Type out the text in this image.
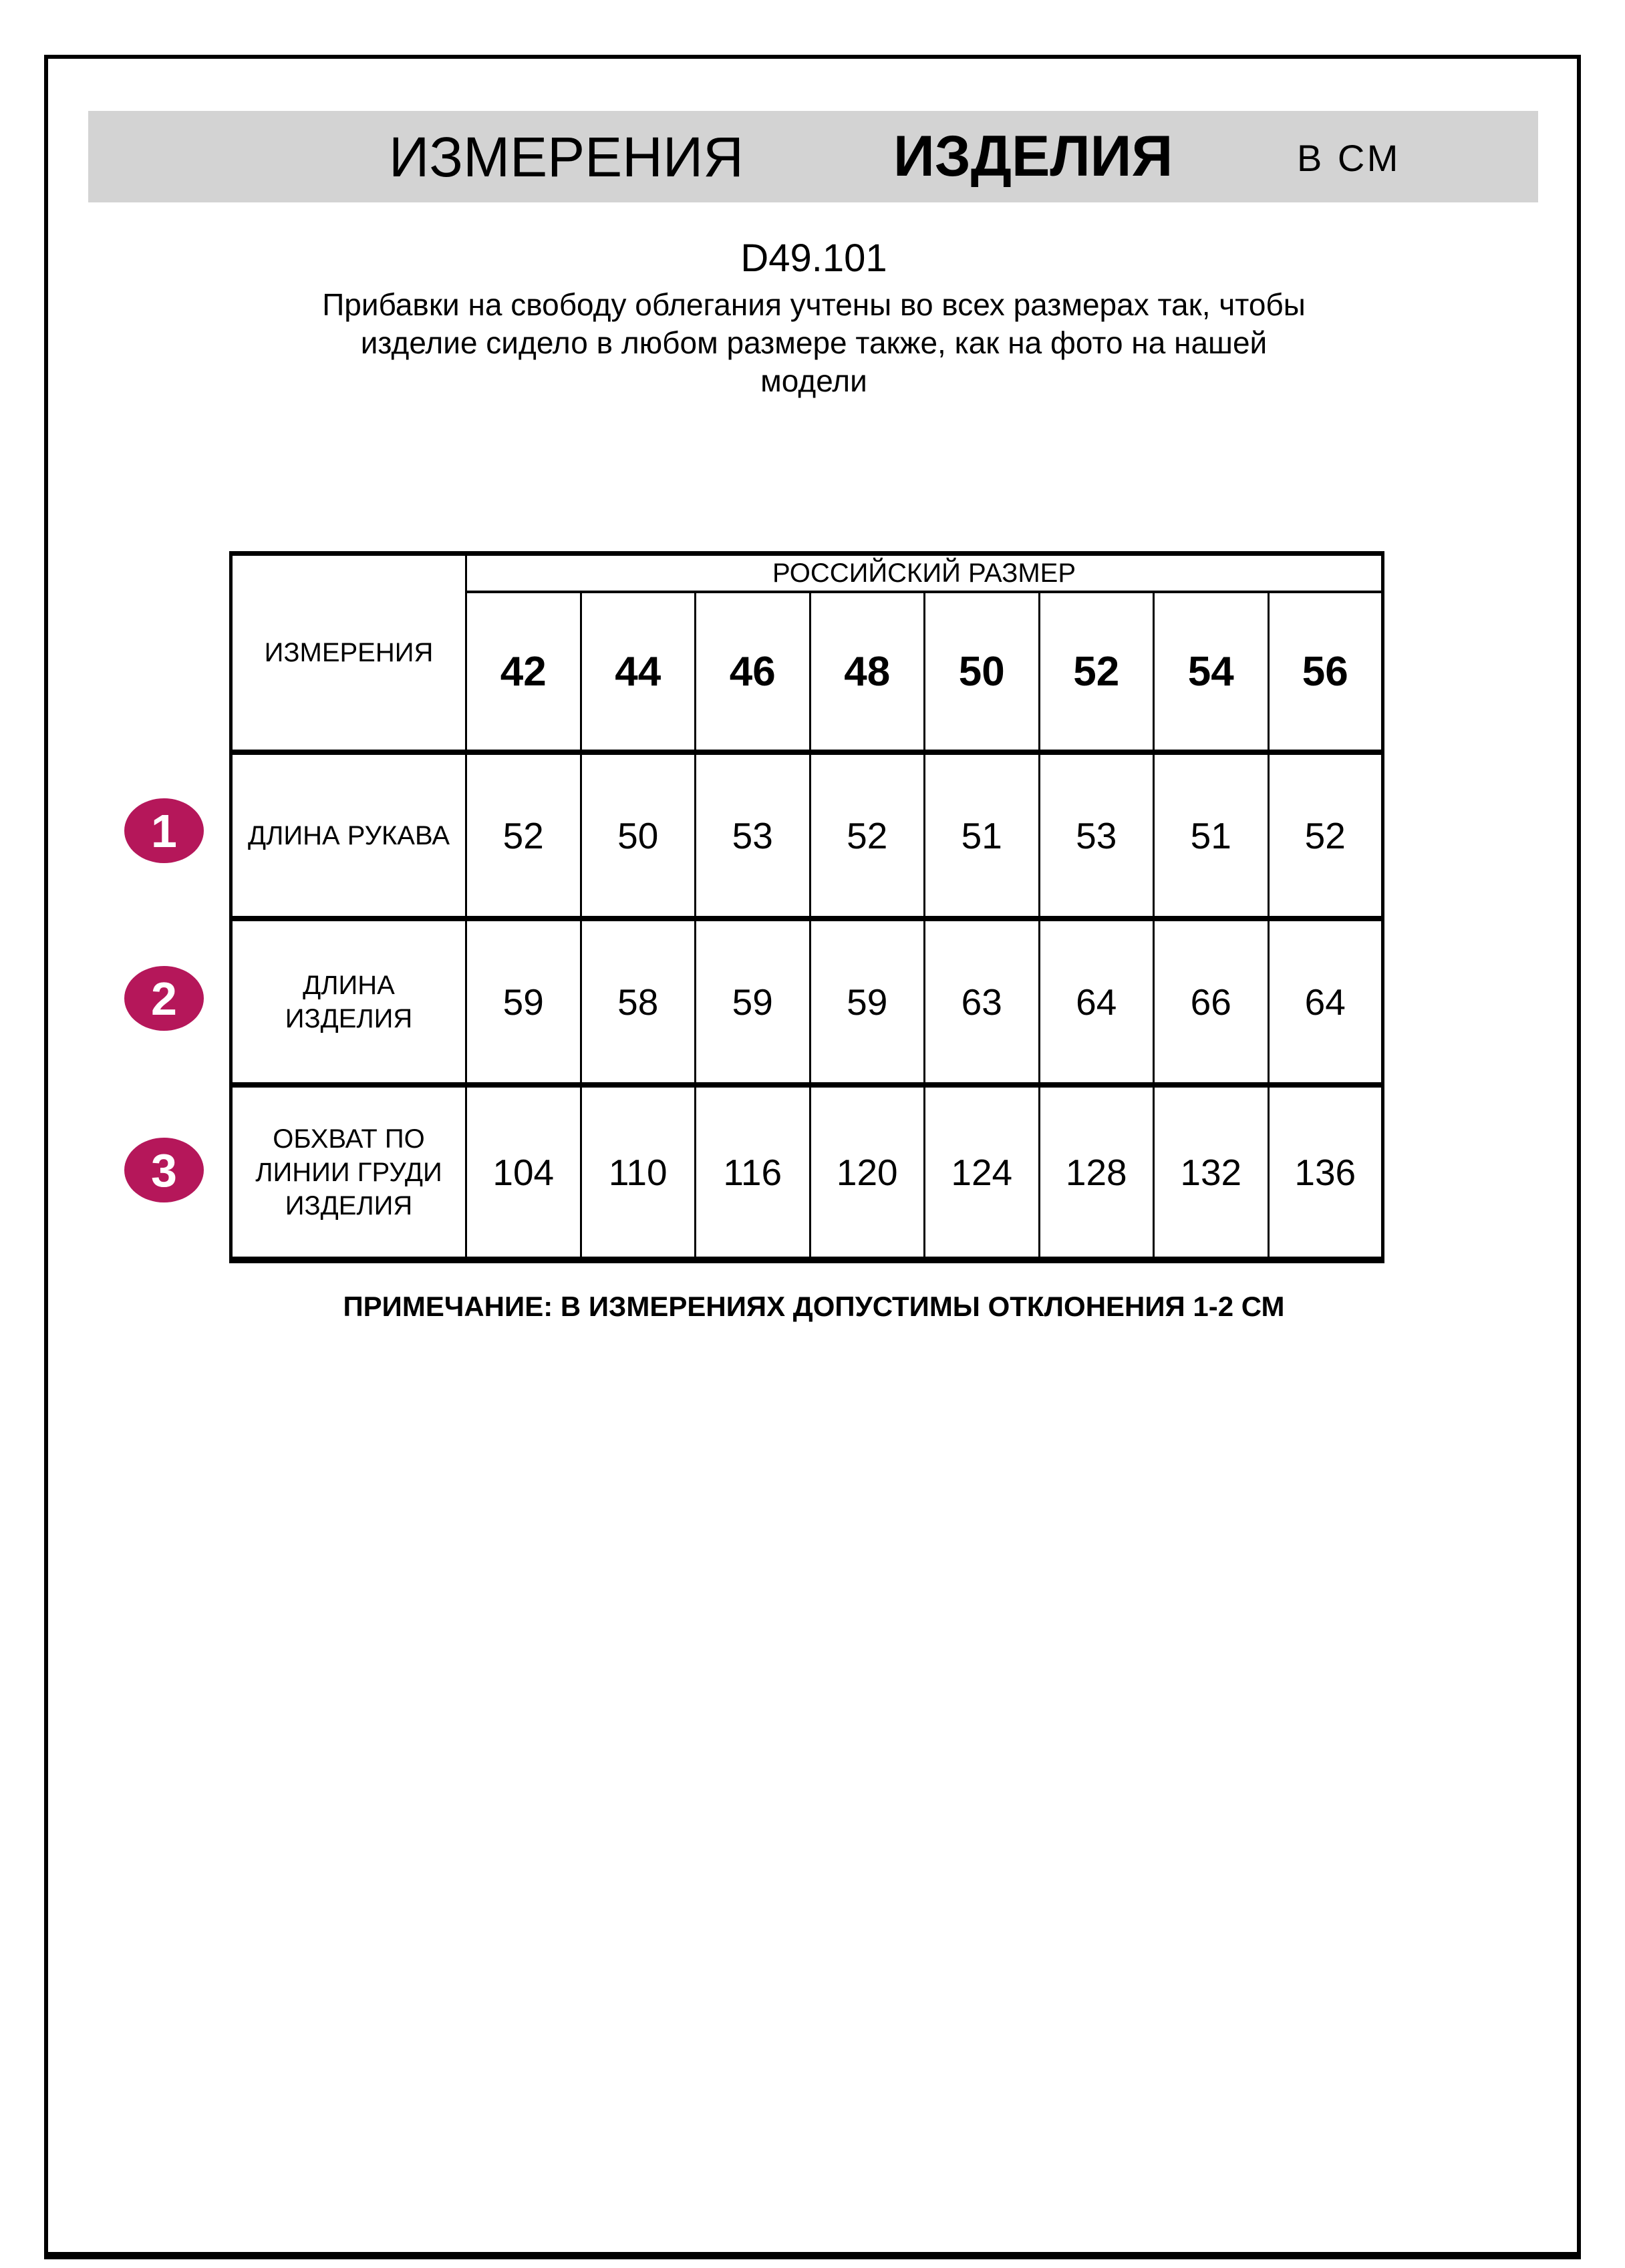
ИЗМЕРЕНИЯ	ИЗДЕЛИЯ	В СМ
D49.101
Прибавки на свободу облегания учтены во всех размерах так, чтобы
изделие сидело в любом размере также, как на фото на нашей
модели
ИЗМЕРЕНИЯ	РОССИЙСКИЙ РАЗМЕР							
	42	44	46	48	50	52	54	56

ДЛИНА РУКАВА	52	50	53	52	51	53	51	52

ДЛИНА
ИЗДЕЛИЯ	59	58	59	59	63	64	66	64

ОБХВАТ ПО
ЛИНИИ ГРУДИ
ИЗДЕЛИЯ	104	110	116	120	124	128	132	136
1
2
3
ПРИМЕЧАНИЕ: В ИЗМЕРЕНИЯХ ДОПУСТИМЫ ОТКЛОНЕНИЯ 1-2 СМ
